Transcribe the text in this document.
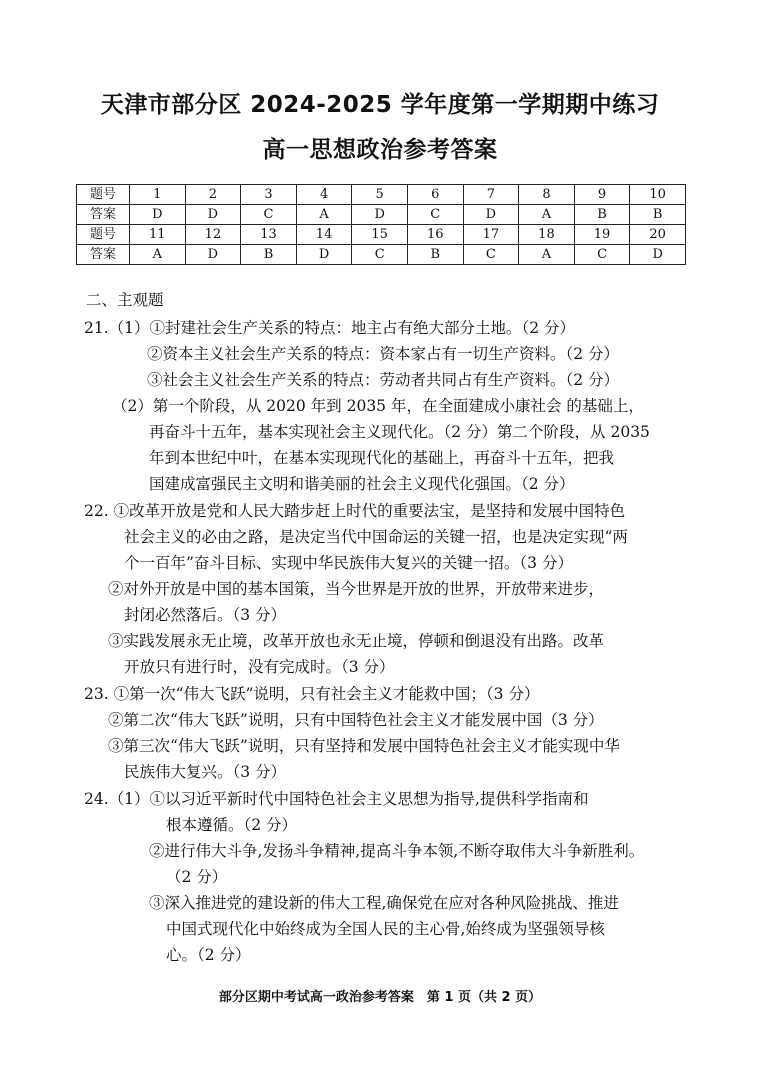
天津市部分区 2024-2025 学年度第一学期期中练习
高一思想政治参考答案
题号	1	2	3	4	5	6	7	8	9	10
答案	D	D	C	A	D	C	D	A	B	B
题号	11	12	13	14	15	16	17	18	19	20
答案	A	D	B	D	C	B	C	A	C	D
二、主观题
21.（1）①封建社会生产关系的特点：地主占有绝大部分土地。（2 分）
②资本主义社会生产关系的特点：资本家占有一切生产资料。（2 分）
③社会主义社会生产关系的特点：劳动者共同占有生产资料。（2 分）
（2）第一个阶段，从 2020 年到 2035 年，在全面建成小康社会 的基础上，
再奋斗十五年，基本实现社会主义现代化。（2 分）第二个阶段，从 2035
年到本世纪中叶，在基本实现现代化的基础上，再奋斗十五年，把我
国建成富强民主文明和谐美丽的社会主义现代化强国。（2 分）
22. ①改革开放是党和人民大踏步赶上时代的重要法宝，是坚持和发展中国特色
社会主义的必由之路，是决定当代中国命运的关键一招，也是决定实现“两
个一百年”奋斗目标、实现中华民族伟大复兴的关键一招。（3 分）
②对外开放是中国的基本国策，当今世界是开放的世界，开放带来进步，
封闭必然落后。（3 分）
③实践发展永无止境，改革开放也永无止境，停顿和倒退没有出路。改革
开放只有进行时，没有完成时。（3 分）
23. ①第一次“伟大飞跃”说明，只有社会主义才能救中国；（3 分）
②第二次“伟大飞跃”说明，只有中国特色社会主义才能发展中国（3 分）
③第三次“伟大飞跃”说明，只有坚持和发展中国特色社会主义才能实现中华
民族伟大复兴。（3 分）
24.（1）①以习近平新时代中国特色社会主义思想为指导,提供科学指南和
根本遵循。（2 分）
②进行伟大斗争,发扬斗争精神,提高斗争本领,不断夺取伟大斗争新胜利。
（2 分）
③深入推进党的建设新的伟大工程,确保党在应对各种风险挑战、推进
中国式现代化中始终成为全国人民的主心骨,始终成为坚强领导核
心。（2 分）
部分区期中考试高一政治参考答案　第 1 页（共 2 页）
